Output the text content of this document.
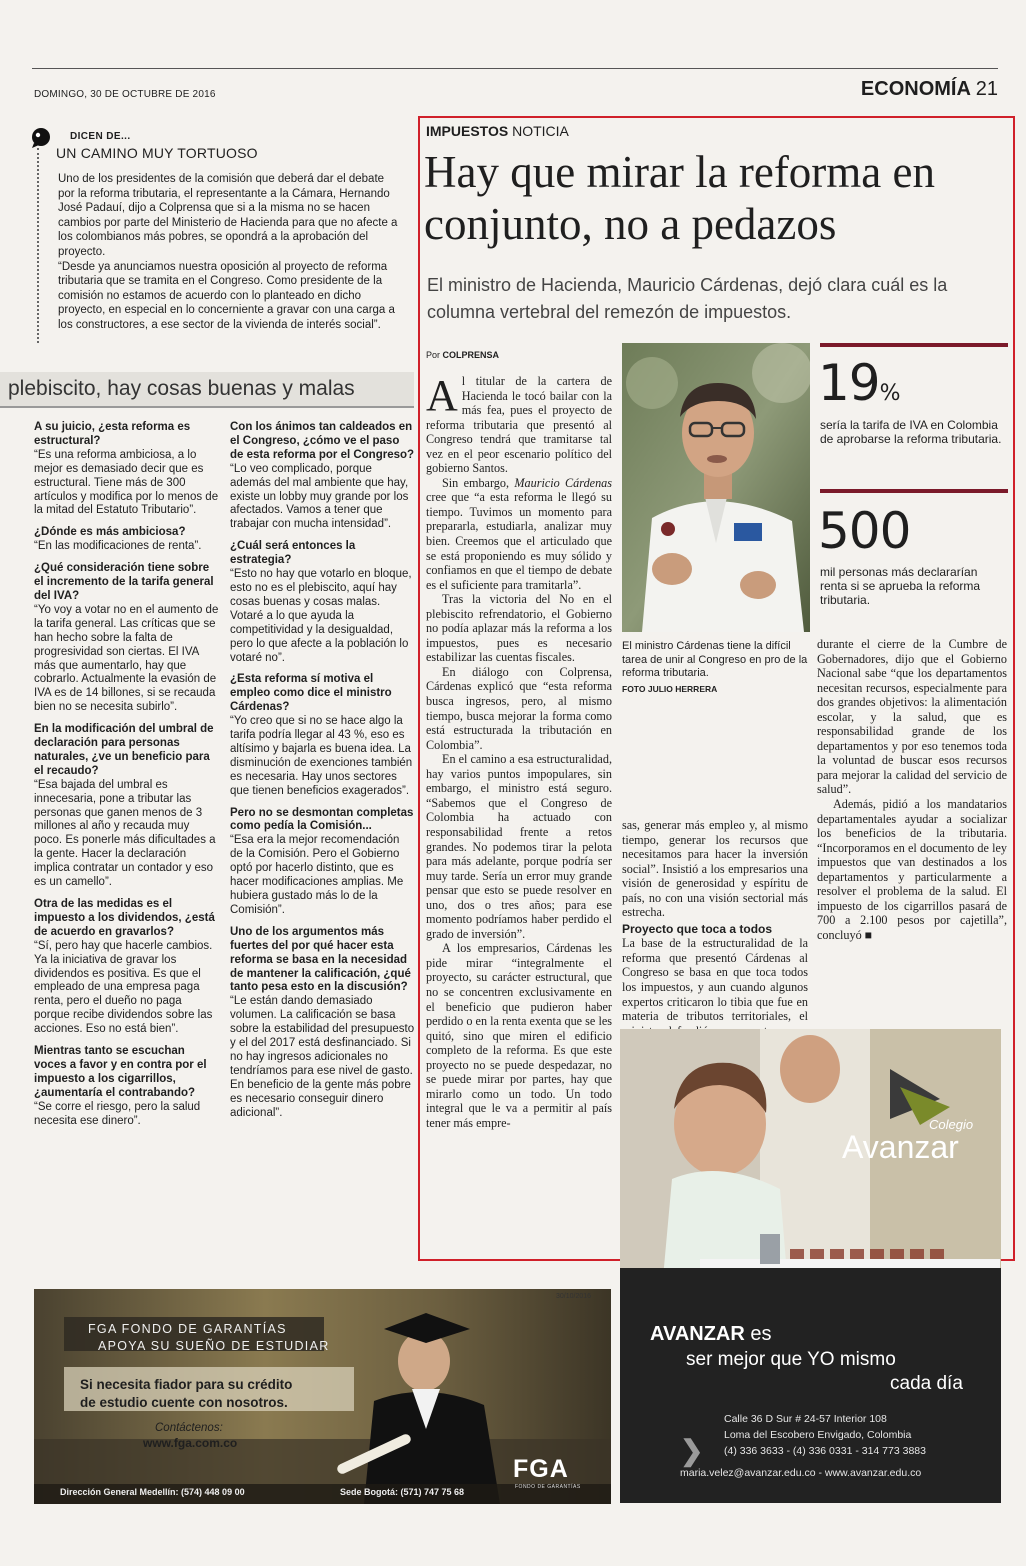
DOMINGO, 30 DE OCTUBRE DE 2016	ECONOMÍA 21
DICEN DE...
UN CAMINO MUY TORTUOSO

Uno de los presidentes de la comisión que deberá dar el debate por la reforma tributaria, el representante a la Cámara, Hernando José Padauí, dijo a Colprensa que si a la misma no se hacen cambios por parte del Ministerio de Hacienda para que no afecte a los colombianos más pobres, se opondrá a la aprobación del proyecto.

“Desde ya anunciamos nuestra oposición al proyecto de reforma tributaria que se tramita en el Congreso. Como presidente de la comisión no estamos de acuerdo con lo planteado en dicho proyecto, en especial en lo concerniente a gravar con una carga a los constructores, a ese sector de la vivienda de interés social”.

plebiscito, hay cosas buenas y malas

A su juicio, ¿esta reforma es estructural?
“Es una reforma ambiciosa, a lo mejor es demasiado decir que es estructural. Tiene más de 300 artículos y modifica por lo menos de la mitad del Estatuto Tributario”.

¿Dónde es más ambiciosa?
“En las modificaciones de renta”.

¿Qué consideración tiene sobre el incremento de la tarifa general del IVA?
“Yo voy a votar no en el aumento de la tarifa general. Las críticas que se han hecho sobre la falta de progresividad son ciertas. El IVA más que aumentarlo, hay que cobrarlo. Actualmente la evasión de IVA es de 14 billones, si se recauda bien no se necesita subirlo”.

En la modificación del umbral de declaración para personas naturales, ¿ve un beneficio para el recaudo?
“Esa bajada del umbral es innecesaria, pone a tributar las personas que ganen menos de 3 millones al año y recauda muy poco. Es ponerle más dificultades a la gente. Hacer la declaración implica contratar un contador y eso es un camello”.

Otra de las medidas es el impuesto a los dividendos, ¿está de acuerdo en gravarlos?
“Sí, pero hay que hacerle cambios. Ya la iniciativa de gravar los dividendos es positiva. Es que el empleado de una empresa paga renta, pero el dueño no paga porque recibe dividendos sobre las acciones. Eso no está bien”.

Mientras tanto se escuchan voces a favor y en contra por el impuesto a los cigarrillos, ¿aumentaría el contrabando?
“Se corre el riesgo, pero la salud necesita ese dinero”.

Con los ánimos tan caldeados en el Congreso, ¿cómo ve el paso de esta reforma por el Congreso?
“Lo veo complicado, porque además del mal ambiente que hay, existe un lobby muy grande por los afectados. Vamos a tener que trabajar con mucha intensidad”.

¿Cuál será entonces la estrategia?
“Esto no hay que votarlo en bloque, esto no es el plebiscito, aquí hay cosas buenas y cosas malas. Votaré a lo que ayuda la competitividad y la desigualdad, pero lo que afecte a la población lo votaré no”.

¿Esta reforma sí motiva el empleo como dice el ministro Cárdenas?
“Yo creo que si no se hace algo la tarifa podría llegar al 43 %, eso es altísimo y bajarla es buena idea. La disminución de exenciones también es necesaria. Hay unos sectores que tienen beneficios exagerados”.

Pero no se desmontan completas como pedía la Comisión...
“Esa era la mejor recomendación de la Comisión. Pero el Gobierno optó por hacerlo distinto, que es hacer modificaciones amplias. Me hubiera gustado más lo de la Comisión”.

Uno de los argumentos más fuertes del por qué hacer esta reforma se basa en la necesidad de mantener la calificación, ¿qué tanto pesa esto en la discusión?
“Le están dando demasiado volumen. La calificación se basa sobre la estabilidad del presupuesto y el del 2017 está desfinanciado. Si no hay ingresos adicionales no tendríamos para ese nivel de gasto. En beneficio de la gente más pobre es necesario conseguir dinero adicional”.

IMPUESTOS NOTICIA
Hay que mirar la reforma en conjunto, no a pedazos
El ministro de Hacienda, Mauricio Cárdenas, dejó clara cuál es la columna vertebral del remezón de impuestos.
Por COLPRENSA

Al titular de la cartera de Hacienda le tocó bailar con la más fea, pues el proyecto de reforma tributaria que presentó al Congreso tendrá que tramitarse tal vez en el peor escenario político del gobierno Santos.

Sin embargo, Mauricio Cárdenas cree que “a esta reforma le llegó su tiempo. Tuvimos un momento para prepararla, estudiarla, analizar muy bien. Creemos que el articulado que se está proponiendo es muy sólido y confiamos en que el tiempo de debate es el suficiente para tramitarla”.

Tras la victoria del No en el plebiscito refrendatorio, el Gobierno no podía aplazar más la reforma a los impuestos, pues es necesario estabilizar las cuentas fiscales.

En diálogo con Colprensa, Cárdenas explicó que “esta reforma busca ingresos, pero, al mismo tiempo, busca mejorar la forma como está estructurada la tributación en Colombia”.

En el camino a esa estructuralidad, hay varios puntos impopulares, sin embargo, el ministro está seguro. “Sabemos que el Congreso de Colombia ha actuado con responsabilidad frente a retos grandes. No podemos tirar la pelota para más adelante, porque podría ser muy tarde. Sería un error muy grande pensar que esto se puede resolver en uno, dos o tres años; para ese momento podríamos haber perdido el grado de inversión”.

A los empresarios, Cárdenas les pide mirar “integralmente el proyecto, su carácter estructural, que no se concentren exclusivamente en el beneficio que pudieron haber perdido o en la renta exenta que se les quitó, sino que miren el edificio completo de la reforma. Es que este proyecto no se puede despedazar, no se puede mirar por partes, hay que mirarlo como un todo. Un todo integral que le va a permitir al país tener más empre-

sas, generar más empleo y, al mismo tiempo, generar los recursos que necesitamos para hacer la inversión social”. Insistió a los empresarios una visión de generosidad y espíritu de país, no con una visión sectorial más estrecha.

Proyecto que toca a todos

La base de la estructuralidad de la reforma que presentó Cárdenas al Congreso se basa en que toca todos los impuestos, y aun cuando algunos expertos criticaron lo tibia que fue en materia de tributos territoriales, el

durante el cierre de la Cumbre de Gobernadores, dijo que el Gobierno Nacional sabe “que los departamentos necesitan recursos, especialmente para dos grandes objetivos: la alimentación escolar, y la salud, que es responsabilidad grande de los departamentos y por eso tenemos toda la voluntad de buscar esos recursos para mejorar la calidad del servicio de salud”.

Además, pidió a los mandatarios departamentales ayudar a socializar los beneficios de la tributaria. “Incorporamos en el documento de ley impuestos que van destinados a los departamentos y particularmente a resolver el problema de la salud. El impuesto de los cigarrillos pasará de 700 a 2.100 pesos por cajetilla”, concluyó ■

El ministro Cárdenas tiene la difícil tarea de unir al Congreso en pro de la reforma tributaria.
FOTO JULIO HERRERA
19%
sería la tarifa de IVA en Colombia de aprobarse la reforma tributaria.
500
mil personas más declararían renta si se aprueba la reforma tributaria.
Colegio
Avanzar
AVANZAR es
ser mejor que YO mismo
cada día
❯
Calle 36 D Sur # 24-57 Interior 108
Loma del Escobero Envigado, Colombia
(4) 336 3633 - (4) 336 0331 - 314 773 3883
maria.velez@avanzar.edu.co - www.avanzar.edu.co
30/10/2016
FGA FONDO DE GARANTÍAS
APOYA SU SUEÑO DE ESTUDIAR
Si necesita fiador para su crédito
de estudio cuente con nosotros.
Contáctenos:
www.fga.com.co
FGA
FONDO DE GARANTÍAS
Dirección General Medellín: (574) 448 09 00	Sede Bogotá: (571) 747 75 68
